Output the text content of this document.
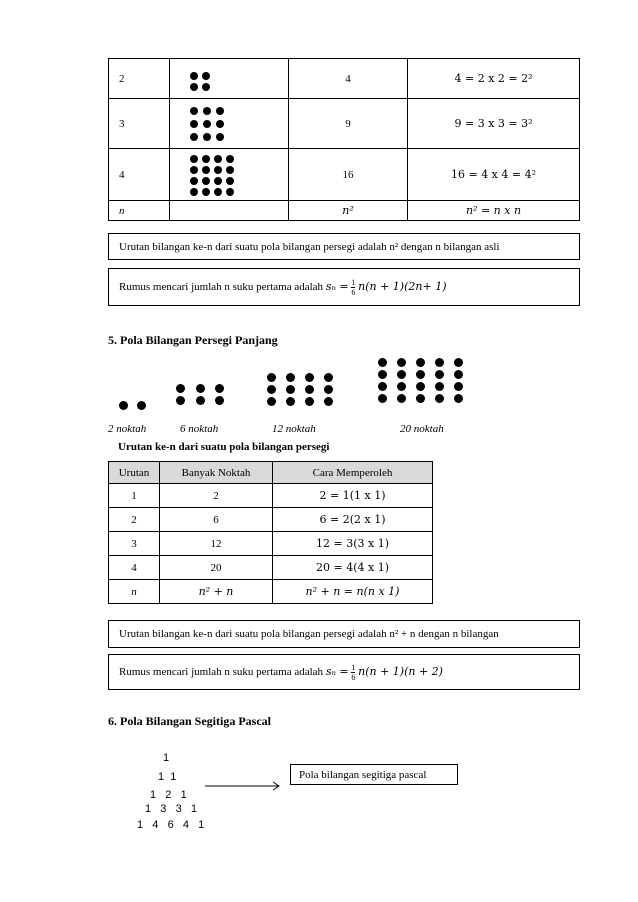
2		4	4 = 2 x 2 = 2²
3		9	9 = 3 x 3 = 3²
4		16	16 = 4 x 4 = 4²
n		n²	n² = n x n
Urutan bilangan ke-n dari suatu pola bilangan persegi adalah n² dengan n bilangan asli
Rumus mencari jumlah n suku pertama adalah $s_n = \frac{1}{6} n(n + 1)(2n+ 1)$
5. Pola Bilangan Persegi Panjang
2 noktah	6 noktah	12 noktah	20 noktah
Urutan ke-n dari suatu pola bilangan persegi
Urutan	Banyak Noktah	Cara Memperoleh
1	2	2 = 1(1 x 1)
2	6	6 = 2(2 x 1)
3	12	12 = 3(3 x 1)
4	20	20 = 4(4 x 1)
n	n² + n	n² + n = n(n x 1)
Urutan bilangan ke-n dari suatu pola bilangan persegi adalah n² + n dengan n bilangan
Rumus mencari jumlah n suku pertama adalah $s_n = \frac{1}{6} n(n + 1)(n + 2)$
6. Pola Bilangan Segitiga Pascal
1
1  1
1   2   1
1   3   3   1
1   4   6   4   1
Pola bilangan segitiga pascal
